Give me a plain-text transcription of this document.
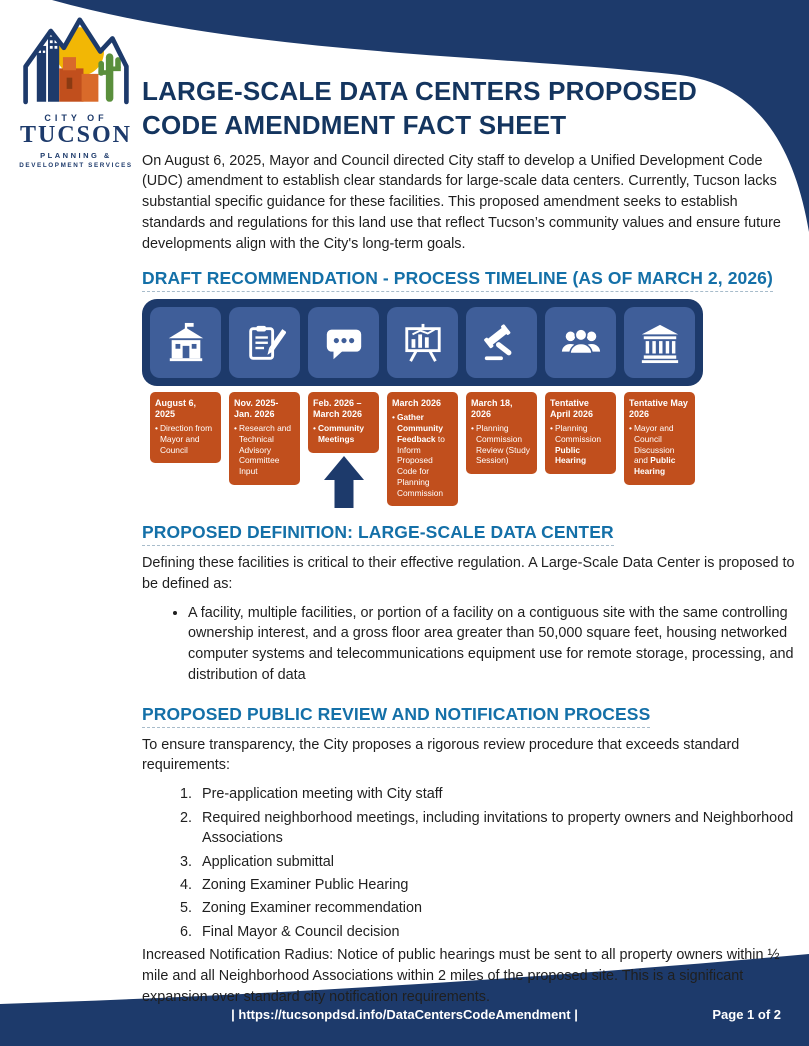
CITY OF
TUCSON
PLANNING &
DEVELOPMENT SERVICES
LARGE-SCALE DATA CENTERS PROPOSED CODE AMENDMENT FACT SHEET

On August 6, 2025, Mayor and Council directed City staff to develop a Unified Development Code (UDC) amendment to establish clear standards for large-scale data centers. Currently, Tucson lacks substantial specific guidance for these facilities. This proposed amendment seeks to establish standards and regulations for this land use that reflect Tucson’s community values and ensure future developments align with the City's long-term goals.

DRAFT RECOMMENDATION - PROCESS TIMELINE (AS OF MARCH 2, 2026)
August 6, 2025
• Direction from Mayor and Council
Nov. 2025-Jan. 2026
• Research and Technical Advisory Committee Input
Feb. 2026 – March 2026
• Community Meetings
March 2026
• Gather Community Feedback to Inform Proposed Code for Planning Commission
March 18, 2026
• Planning Commission Review (Study Session)
Tentative April 2026
• Planning Commission Public Hearing
Tentative May 2026
• Mayor and Council Discussion and Public Hearing
PROPOSED DEFINITION: LARGE-SCALE DATA CENTER

Defining these facilities is critical to their effective regulation. A Large-Scale Data Center is proposed to be defined as:

• A facility, multiple facilities, or portion of a facility on a contiguous site with the same controlling ownership interest, and a gross floor area greater than 50,000 square feet, housing networked computer systems and telecommunications equipment use for remote storage, processing, and distribution of data
PROPOSED PUBLIC REVIEW AND NOTIFICATION PROCESS

To ensure transparency, the City proposes a rigorous review procedure that exceeds standard requirements:

1. Pre-application meeting with City staff
2. Required neighborhood meetings, including invitations to property owners and Neighborhood Associations
3. Application submittal
4. Zoning Examiner Public Hearing
5. Zoning Examiner recommendation
6. Final Mayor & Council decision

Increased Notification Radius: Notice of public hearings must be sent to all property owners within ½ mile and all Neighborhood Associations within 2 miles of the proposed site. This is a significant expansion over standard city notification requirements.

| https://tucsonpdsd.info/DataCentersCodeAmendment |	Page 1 of 2
